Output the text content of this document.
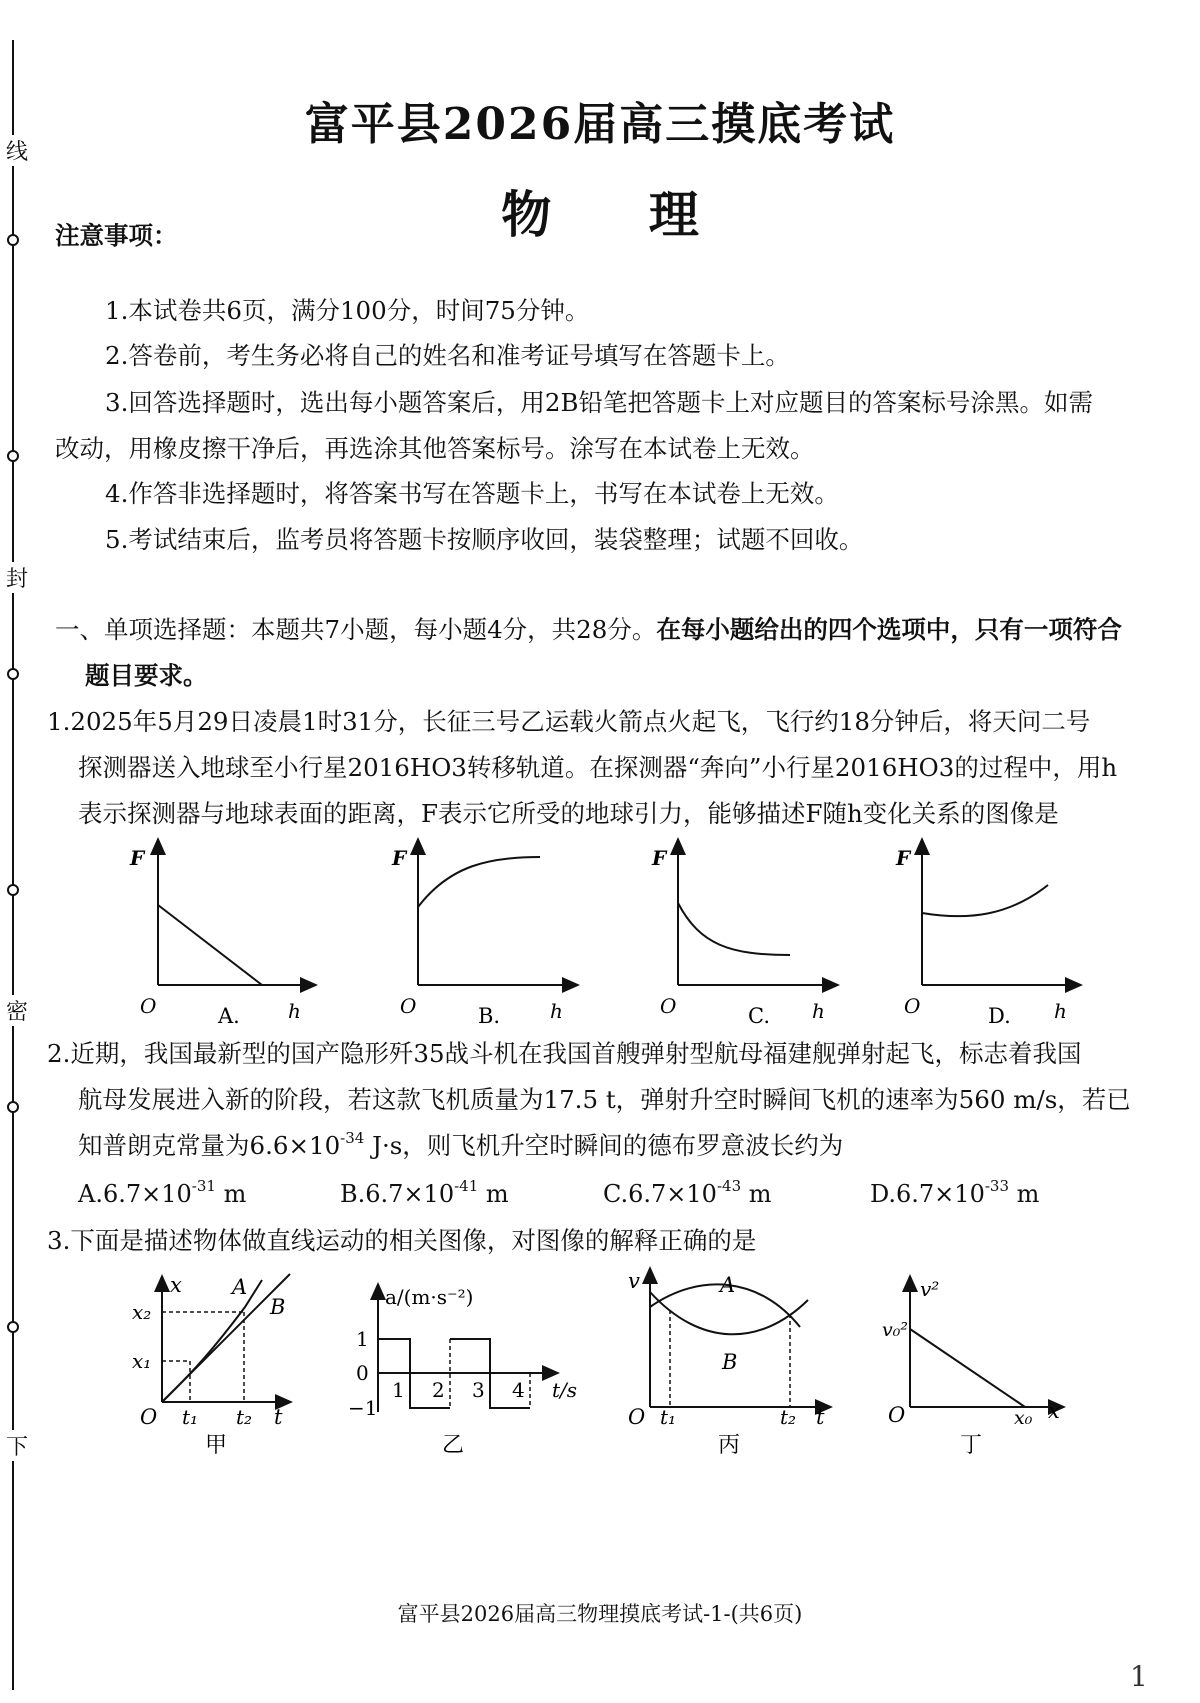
线
封
密
下
富平县2026届高三摸底考试
物 理
注意事项：
1.本试卷共6页，满分100分，时间75分钟。
2.答卷前，考生务必将自己的姓名和准考证号填写在答题卡上。
3.回答选择题时，选出每小题答案后，用2B铅笔把答题卡上对应题目的答案标号涂黑。如需
改动，用橡皮擦干净后，再选涂其他答案标号。涂写在本试卷上无效。
4.作答非选择题时，将答案书写在答题卡上，书写在本试卷上无效。
5.考试结束后，监考员将答题卡按顺序收回，装袋整理；试题不回收。
一、单项选择题：本题共7小题，每小题4分，共28分。在每小题给出的四个选项中，只有一项符合
题目要求。
1.2025年5月29日凌晨1时31分，长征三号乙运载火箭点火起飞，飞行约18分钟后，将天问二号
探测器送入地球至小行星2016HO3转移轨道。在探测器“奔向”小行星2016HO3的过程中，用h
表示探测器与地球表面的距离，F表示它所受的地球引力，能够描述F随h变化关系的图像是
F
O	h
A.
F
O	h
B.
F
O	h
C.
F
O	h
D.
2.近期，我国最新型的国产隐形歼35战斗机在我国首艘弹射型航母福建舰弹射起飞，标志着我国
航母发展进入新的阶段，若这款飞机质量为17.5 t，弹射升空时瞬间飞机的速率为560 m/s，若已
知普朗克常量为$6.6\times 10^{-34}$ J·s，则飞机升空时瞬间的德布罗意波长约为
$A.6.7\times 10^{-31}$ m	$B.6.7\times 10^{-41}$ m	$C.6.7\times 10^{-43}$ m	$D.6.7\times 10^{-33}$ m
3.下面是描述物体做直线运动的相关图像，对图像的解释正确的是
x A
B
x₂
x₁
O t₁ t₂ t
甲
a/(m·s⁻²)
1
0
−1
1 2 3 4 t/s
乙
v	A
B
O t₁	t₂ t
丙
v²
v₀²
O	x₀ x
丁
富平县2026届高三物理摸底考试-1-(共6页)
1
